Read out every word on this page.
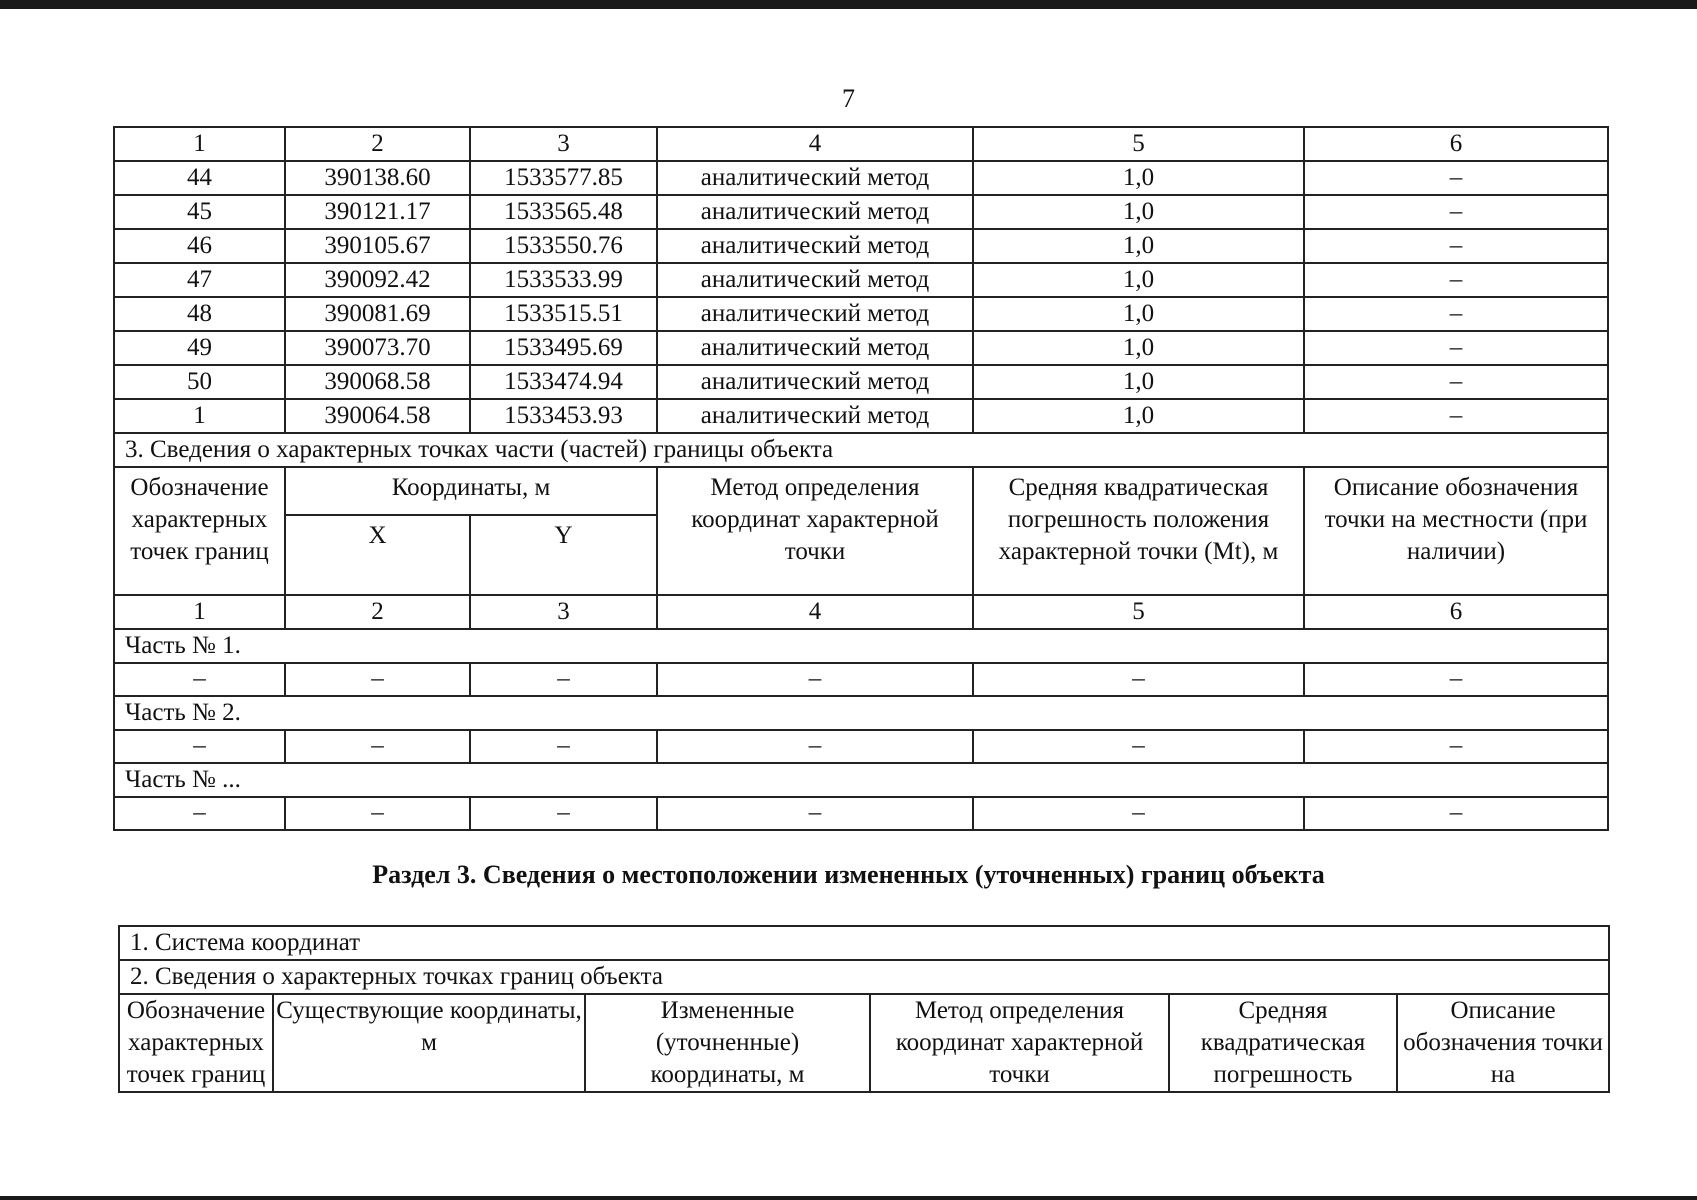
7
1	2	3	4	5	6
44	390138.60	1533577.85	аналитический метод	1,0	–
45	390121.17	1533565.48	аналитический метод	1,0	–
46	390105.67	1533550.76	аналитический метод	1,0	–
47	390092.42	1533533.99	аналитический метод	1,0	–
48	390081.69	1533515.51	аналитический метод	1,0	–
49	390073.70	1533495.69	аналитический метод	1,0	–
50	390068.58	1533474.94	аналитический метод	1,0	–
1	390064.58	1533453.93	аналитический метод	1,0	–
3. Сведения о характерных точках части (частей) границы объекта					
Обозначение характерных точек границ	Координаты, м		Метод определения координат характерной точки	Средняя квадратическая погрешность положения характерной точки (Mt), м	Описание обозначения точки на местности (при наличии)
	X	Y			
1	2	3	4	5	6
Часть № 1.					
–	–	–	–	–	–
Часть № 2.					
–	–	–	–	–	–
Часть № ...					
–	–	–	–	–	–
Раздел 3. Сведения о местоположении измененных (уточненных) границ объекта
1. Система координат
2. Сведения о характерных точках границ объекта
Обозначение характерных точек границ	Существующие координаты, м	Измененные (уточненные) координаты, м	Метод определения координат характерной точки	Средняя квадратическая погрешность	Описание обозначения точки на
